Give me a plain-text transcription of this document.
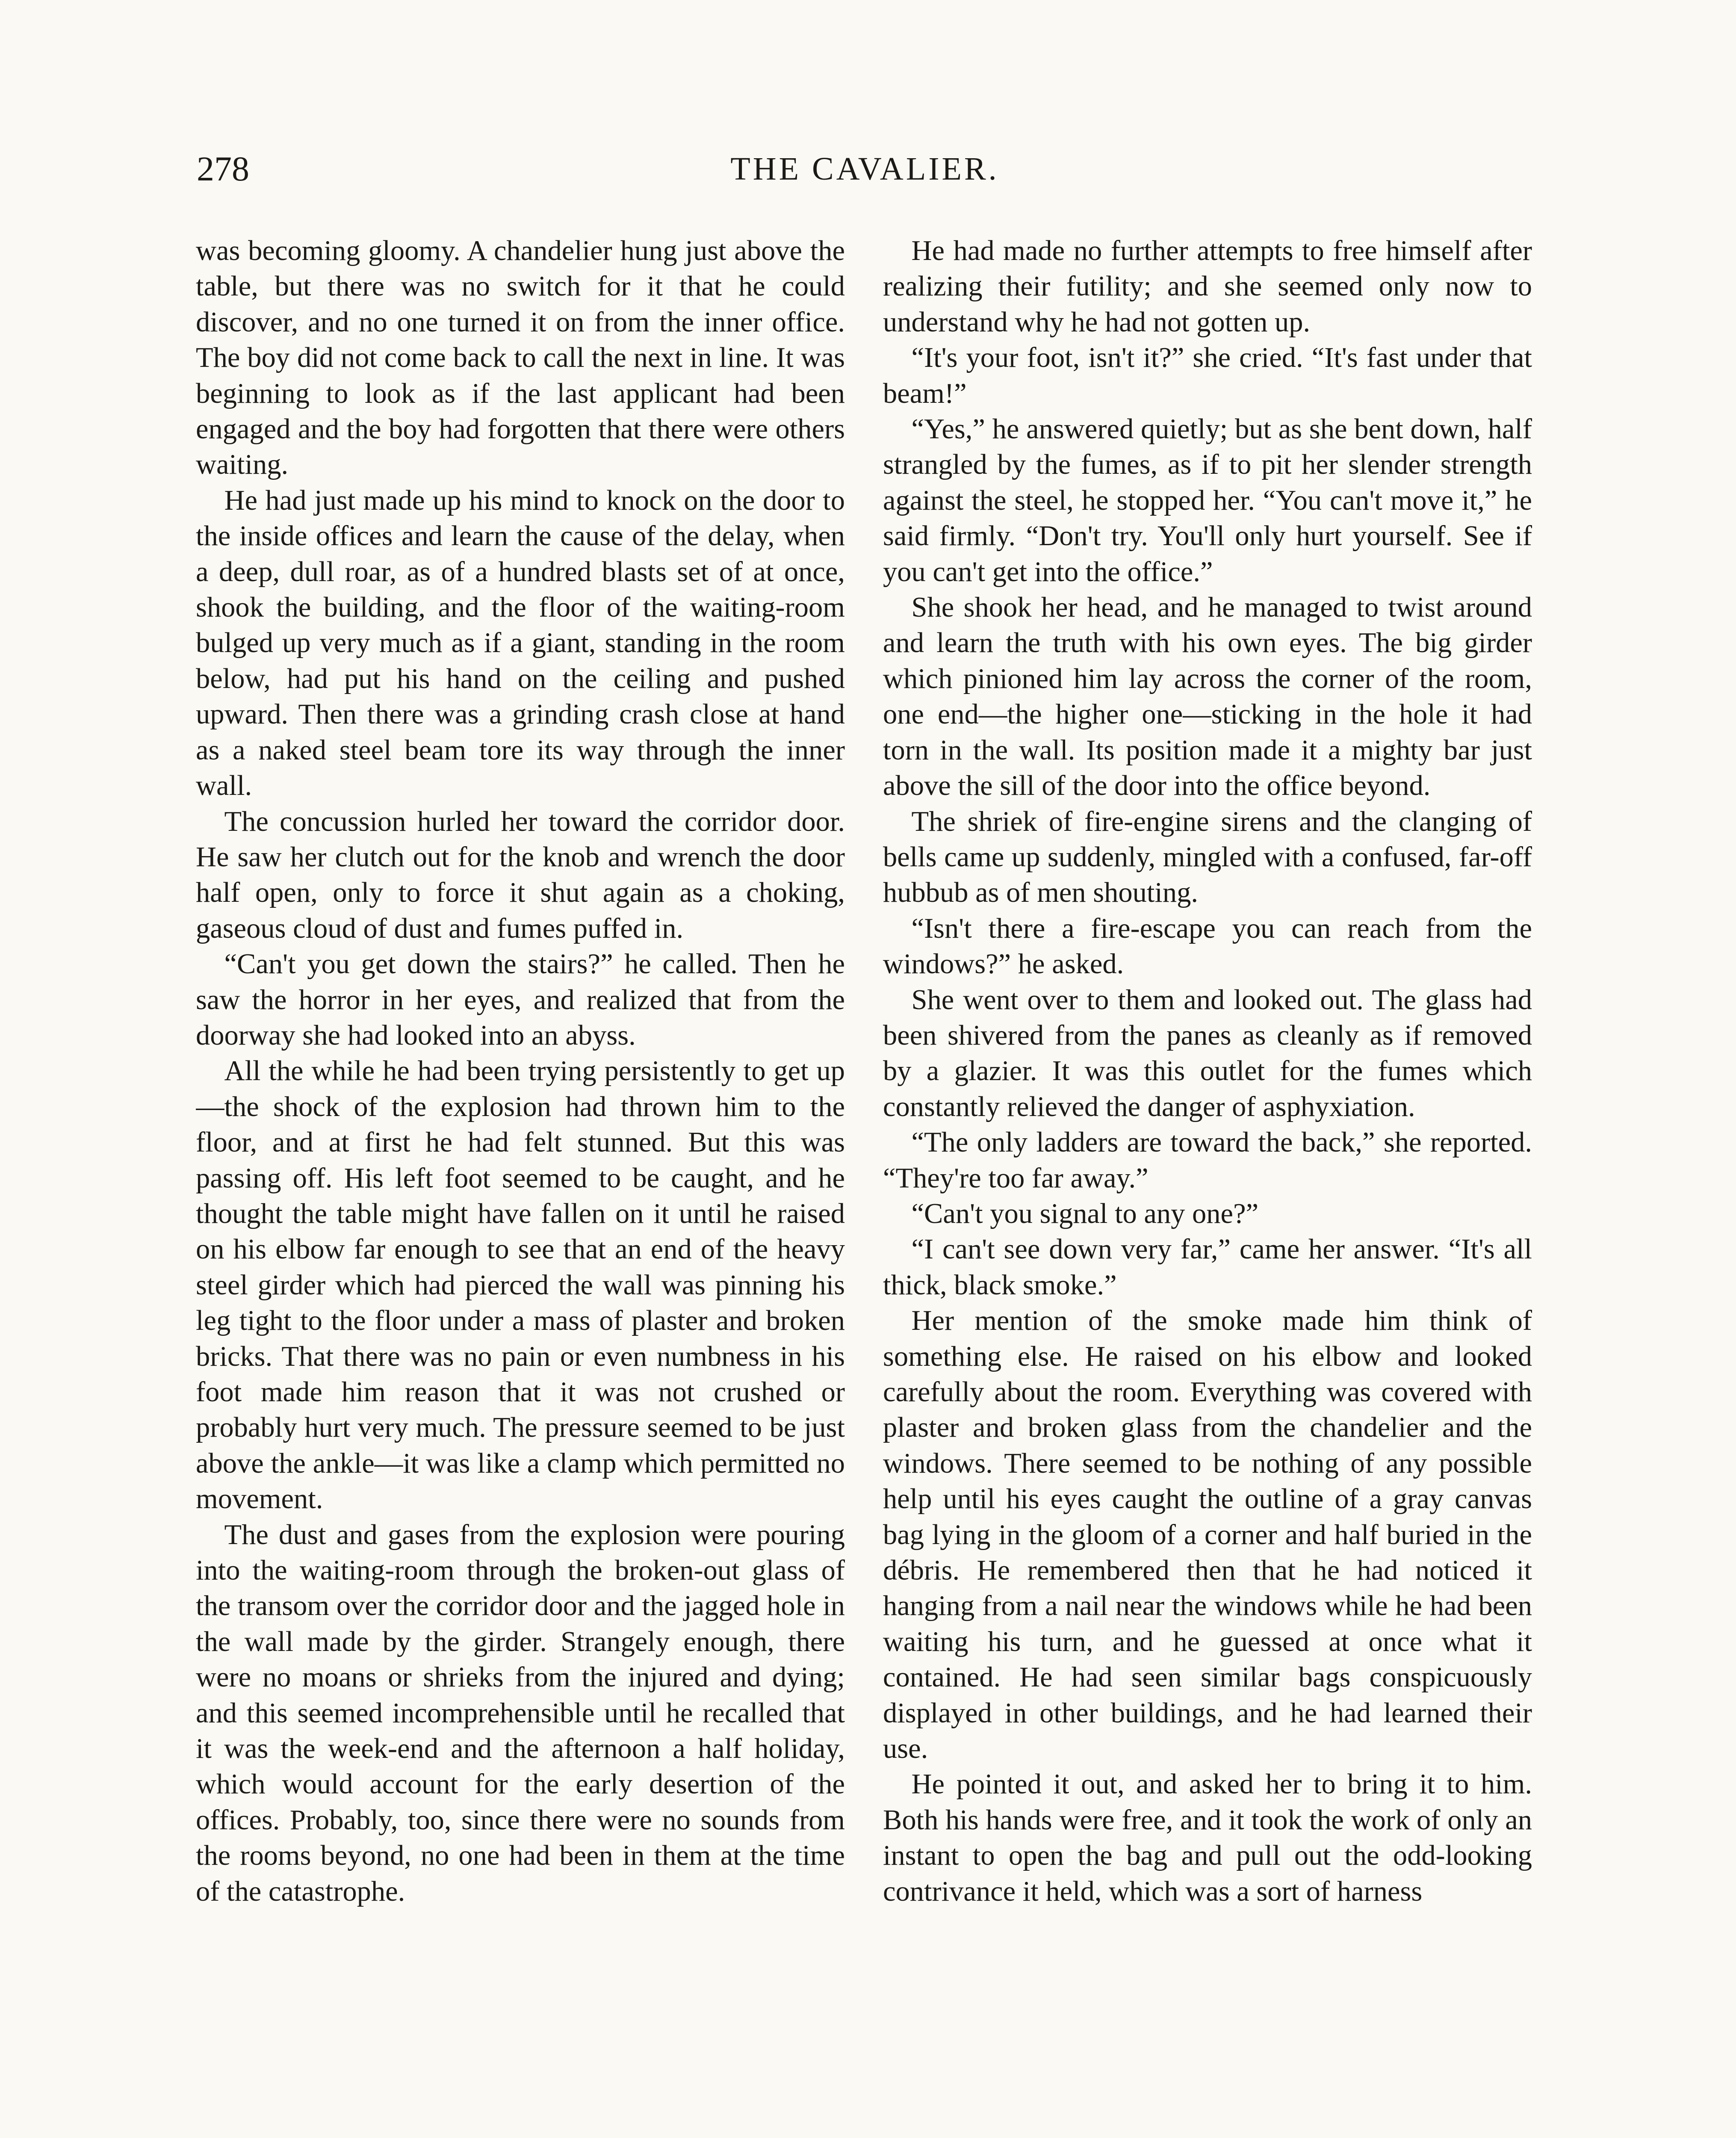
278	THE CAVALIER.

was becoming gloomy. A chandelier hung just above the table, but there was no switch for it that he could discover, and no one turned it on from the inner office. The boy did not come back to call the next in line. It was beginning to look as if the last applicant had been engaged and the boy had forgotten that there were others waiting.

He had just made up his mind to knock on the door to the inside offices and learn the cause of the delay, when a deep, dull roar, as of a hundred blasts set of at once, shook the building, and the floor of the waiting-room bulged up very much as if a giant, standing in the room below, had put his hand on the ceiling and pushed upward. Then there was a grinding crash close at hand as a naked steel beam tore its way through the inner wall.

The concussion hurled her toward the corridor door. He saw her clutch out for the knob and wrench the door half open, only to force it shut again as a choking, gaseous cloud of dust and fumes puffed in.

“Can't you get down the stairs?” he called. Then he saw the horror in her eyes, and realized that from the doorway she had looked into an abyss.

All the while he had been trying persistently to get up—the shock of the explosion had thrown him to the floor, and at first he had felt stunned. But this was passing off. His left foot seemed to be caught, and he thought the table might have fallen on it until he raised on his elbow far enough to see that an end of the heavy steel girder which had pierced the wall was pinning his leg tight to the floor under a mass of plaster and broken bricks. That there was no pain or even numbness in his foot made him reason that it was not crushed or probably hurt very much. The pressure seemed to be just above the ankle—it was like a clamp which permitted no movement.

The dust and gases from the explosion were pouring into the waiting-room through the broken-out glass of the transom over the corridor door and the jagged hole in the wall made by the girder. Strangely enough, there were no moans or shrieks from the injured and dying; and this seemed incomprehensible until he recalled that it was the week-end and the afternoon a half holiday, which would account for the early desertion of the offices. Probably, too, since there were no sounds from the rooms beyond, no one had been in them at the time of the catastrophe.

He had made no further attempts to free himself after realizing their futility; and she seemed only now to understand why he had not gotten up.

“It's your foot, isn't it?” she cried. “It's fast under that beam!”

“Yes,” he answered quietly; but as she bent down, half strangled by the fumes, as if to pit her slender strength against the steel, he stopped her. “You can't move it,” he said firmly. “Don't try. You'll only hurt yourself. See if you can't get into the office.”

She shook her head, and he managed to twist around and learn the truth with his own eyes. The big girder which pinioned him lay across the corner of the room, one end—the higher one—sticking in the hole it had torn in the wall. Its position made it a mighty bar just above the sill of the door into the office beyond.

The shriek of fire-engine sirens and the clanging of bells came up suddenly, mingled with a confused, far-off hubbub as of men shouting.

“Isn't there a fire-escape you can reach from the windows?” he asked.

She went over to them and looked out. The glass had been shivered from the panes as cleanly as if removed by a glazier. It was this outlet for the fumes which constantly relieved the danger of asphyxiation.

“The only ladders are toward the back,” she reported. “They're too far away.”

“Can't you signal to any one?”

“I can't see down very far,” came her answer. “It's all thick, black smoke.”

Her mention of the smoke made him think of something else. He raised on his elbow and looked carefully about the room. Everything was covered with plaster and broken glass from the chandelier and the windows. There seemed to be nothing of any possible help until his eyes caught the outline of a gray canvas bag lying in the gloom of a corner and half buried in the débris. He remembered then that he had noticed it hanging from a nail near the windows while he had been waiting his turn, and he guessed at once what it contained. He had seen similar bags conspicuously displayed in other buildings, and he had learned their use.

He pointed it out, and asked her to bring it to him. Both his hands were free, and it took the work of only an instant to open the bag and pull out the odd-looking contrivance it held, which was a sort of harness
